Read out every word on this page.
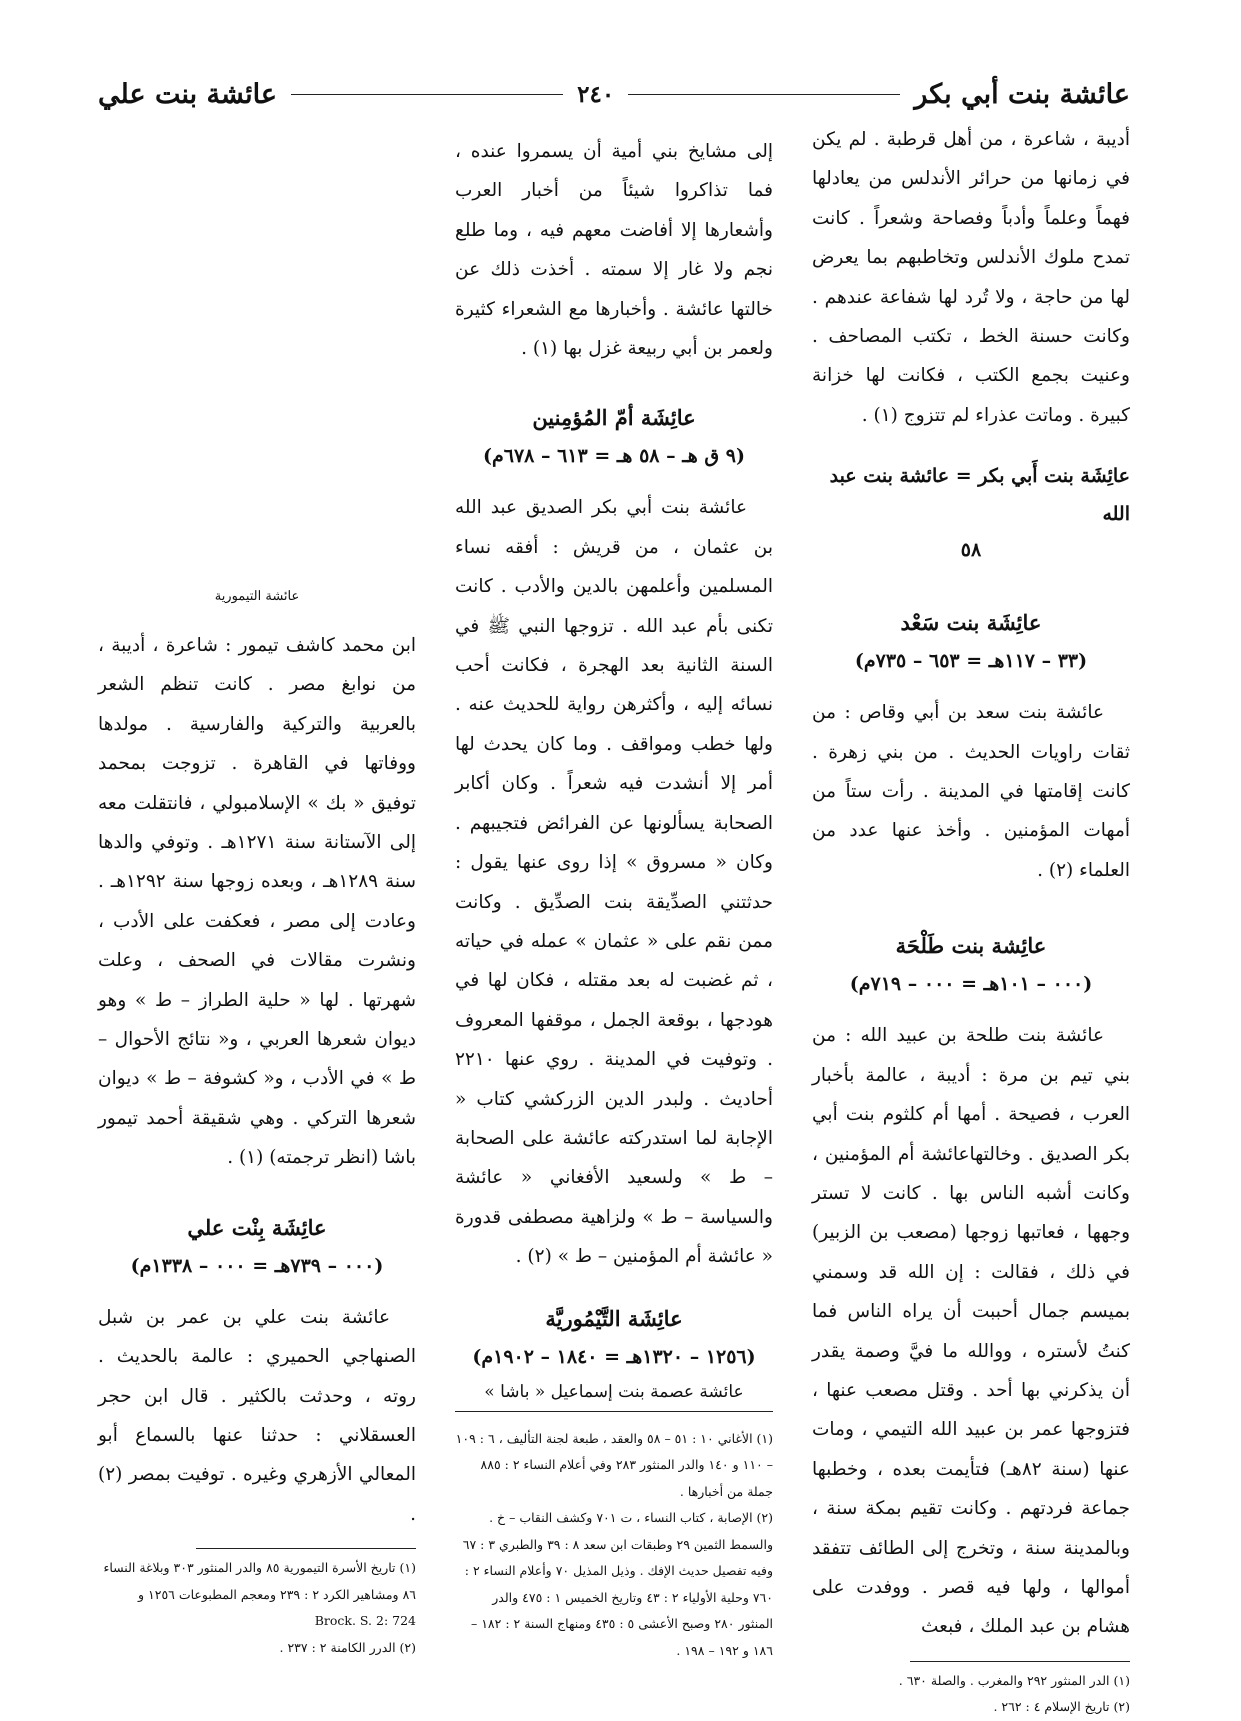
عائشة بنت أبي بكر
٢٤٠
عائشة بنت علي

أديبة ، شاعرة ، من أهل قرطبة . لم يكن في زمانها من حرائر الأندلس من يعادلها فهماً وعلماً وأدباً وفصاحة وشعراً . كانت تمدح ملوك الأندلس وتخاطبهم بما يعرض لها من حاجة ، ولا تُرد لها شفاعة عندهم . وكانت حسنة الخط ، تكتب المصاحف . وعنيت بجمع الكتب ، فكانت لها خزانة كبيرة . وماتت عذراء لم تتزوج (١) .

عائِشَة بنت أَبي بكر = عائشة بنت عبد الله
٥٨
عائِشَة بنت سَعْد
(٣٣ – ١١٧هـ = ٦٥٣ – ٧٣٥م)

عائشة بنت سعد بن أبي وقاص : من ثقات راويات الحديث . من بني زهرة . كانت إقامتها في المدينة . رأت ستاً من أمهات المؤمنين . وأخذ عنها عدد من العلماء (٢) .

عائِشة بنت طَلْحَة
(٠٠٠ – ١٠١هـ = ٠٠٠ – ٧١٩م)

عائشة بنت طلحة بن عبيد الله : من بني تيم بن مرة : أديبة ، عالمة بأخبار العرب ، فصيحة . أمها أم كلثوم بنت أبي بكر الصديق . وخالتهاعائشة أم المؤمنين ، وكانت أشبه الناس بها . كانت لا تستر وجهها ، فعاتبها زوجها (مصعب بن الزبير) في ذلك ، فقالت : إن الله قد وسمني بميسم جمال أحببت أن يراه الناس فما كنتُ لأستره ، ووالله ما فيَّ وصمة يقدر أن يذكرني بها أحد . وقتل مصعب عنها ، فتزوجها عمر بن عبيد الله التيمي ، ومات عنها (سنة ٨٢هـ) فتأيمت بعده ، وخطبها جماعة فردتهم . وكانت تقيم بمكة سنة ، وبالمدينة سنة ، وتخرج إلى الطائف تتفقد أموالها ، ولها فيه قصر . ووفدت على هشام بن عبد الملك ، فبعث

(١) الدر المنثور ٢٩٢ والمغرب . والصلة ٦٣٠ .
(٢) تاريخ الإسلام ٤ : ٢٦٢ .

إلى مشايخ بني أمية أن يسمروا عنده ، فما تذاكروا شيئاً من أخبار العرب وأشعارها إلا أفاضت معهم فيه ، وما طلع نجم ولا غار إلا سمته . أخذت ذلك عن خالتها عائشة . وأخبارها مع الشعراء كثيرة ولعمر بن أبي ربيعة غزل بها (١) .

عائِشَة أمّ المُؤمِنين
(٩ ق هـ – ٥٨ هـ = ٦١٣ – ٦٧٨م)

عائشة بنت أبي بكر الصديق عبد الله بن عثمان ، من قريش : أفقه نساء المسلمين وأعلمهن بالدين والأدب . كانت تكنى بأم عبد الله . تزوجها النبي ﷺ في السنة الثانية بعد الهجرة ، فكانت أحب نسائه إليه ، وأكثرهن رواية للحديث عنه . ولها خطب ومواقف . وما كان يحدث لها أمر إلا أنشدت فيه شعراً . وكان أكابر الصحابة يسألونها عن الفرائض فتجيبهم . وكان « مسروق » إذا روى عنها يقول : حدثتني الصدِّيقة بنت الصدِّيق . وكانت ممن نقم على « عثمان » عمله في حياته ، ثم غضبت له بعد مقتله ، فكان لها في هودجها ، بوقعة الجمل ، موقفها المعروف . وتوفيت في المدينة . روي عنها ٢٢١٠ أحاديث . ولبدر الدين الزركشي كتاب « الإجابة لما استدركته عائشة على الصحابة – ط » ولسعيد الأفغاني « عائشة والسياسة – ط » ولزاهية مصطفى قدورة « عائشة أم المؤمنين – ط » (٢) .

عائِشَة التَّيْمُوريَّة
(١٢٥٦ – ١٣٢٠هـ = ١٨٤٠ – ١٩٠٢م)
عائشة عصمة بنت إسماعيل « باشا »
(١) الأغاني ١٠ : ٥١ – ٥٨ والعقد ، طبعة لجنة التأليف ، ٦ : ١٠٩ – ١١٠ و ١٤٠ والدر المنثور ٢٨٣ وفي أعلام النساء ٢ : ٨٨٥ جملة من أخبارها .
(٢) الإصابة ، كتاب النساء ، ت ٧٠١ وكشف النقاب – خ . والسمط الثمين ٢٩ وطبقات ابن سعد ٨ : ٣٩ والطبري ٣ : ٦٧ وفيه تفصيل حديث الإفك . وذيل المذيل ٧٠ وأعلام النساء ٢ : ٧٦٠ وحلية الأولياء ٢ : ٤٣ وتاريخ الخميس ١ : ٤٧٥ والدر المنثور ٢٨٠ وصبح الأعشى ٥ : ٤٣٥ ومنهاج السنة ٢ : ١٨٢ – ١٨٦ و ١٩٢ – ١٩٨ .
عائشة التيمورية

ابن محمد كاشف تيمور : شاعرة ، أديبة ، من نوابغ مصر . كانت تنظم الشعر بالعربية والتركية والفارسية . مولدها ووفاتها في القاهرة . تزوجت بمحمد توفيق « بك » الإسلامبولي ، فانتقلت معه إلى الآستانة سنة ١٢٧١هـ . وتوفي والدها سنة ١٢٨٩هـ ، وبعده زوجها سنة ١٢٩٢هـ . وعادت إلى مصر ، فعكفت على الأدب ، ونشرت مقالات في الصحف ، وعلت شهرتها . لها « حلية الطراز – ط » وهو ديوان شعرها العربي ، و« نتائج الأحوال – ط » في الأدب ، و« كشوفة – ط » ديوان شعرها التركي . وهي شقيقة أحمد تيمور باشا (انظر ترجمته) (١) .

عائِشَة بِنْت علي
(٠٠٠ – ٧٣٩هـ = ٠٠٠ – ١٣٣٨م)

عائشة بنت علي بن عمر بن شبل الصنهاجي الحميري : عالمة بالحديث . روته ، وحدثت بالكثير . قال ابن حجر العسقلاني : حدثنا عنها بالسماع أبو المعالي الأزهري وغيره . توفيت بمصر (٢) .

(١) تاريخ الأسرة التيمورية ٨٥ والدر المنثور ٣٠٣ وبلاغة النساء ٨٦ ومشاهير الكرد ٢ : ٢٣٩ ومعجم المطبوعات ١٢٥٦ و Brock. S. 2: 724
(٢) الدرر الكامنة ٢ : ٢٣٧ .
